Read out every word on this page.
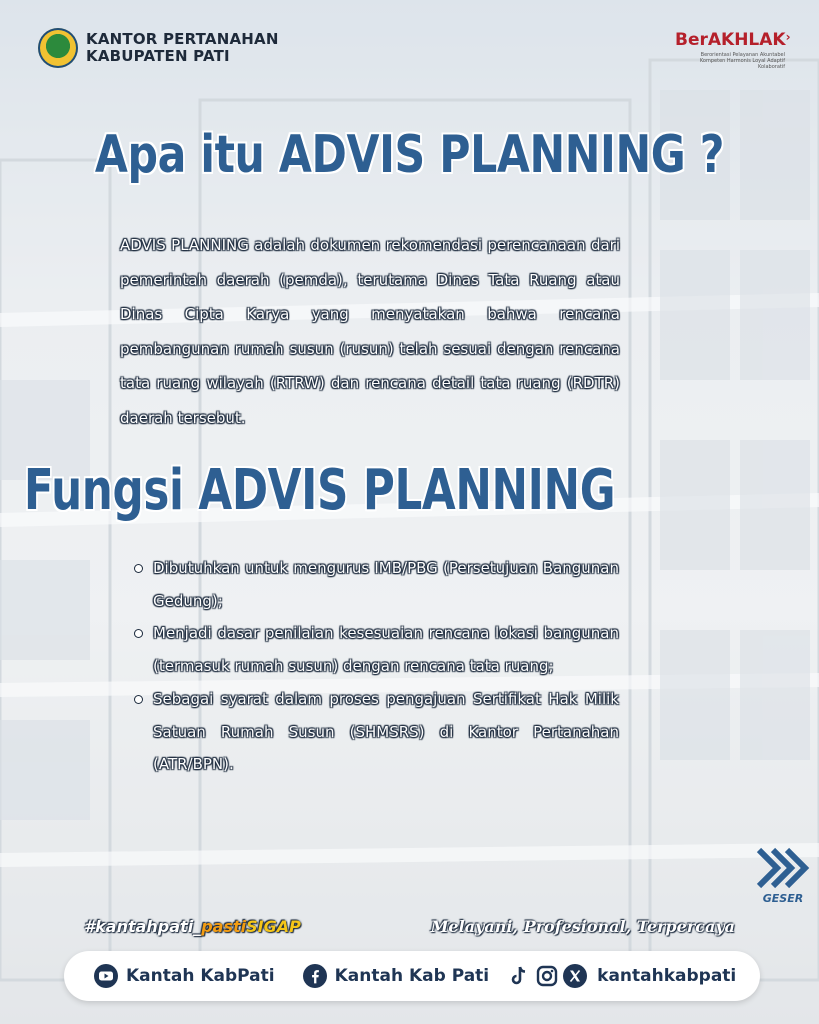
KANTOR PERTANAHAN
KABUPATEN PATI
BerAKHLAK›
Berorientasi Pelayanan Akuntabel Kompeten Harmonis Loyal Adaptif Kolaboratif
Apa itu ADVIS PLANNING ?
ADVIS PLANNING adalah dokumen rekomendasi perencanaan dari pemerintah daerah (pemda), terutama Dinas Tata Ruang atau Dinas Cipta Karya yang menyatakan bahwa rencana pembangunan rumah susun (rusun) telah sesuai dengan rencana tata ruang wilayah (RTRW) dan rencana detail tata ruang (RDTR) daerah tersebut.
Fungsi ADVIS PLANNING
Dibutuhkan untuk mengurus IMB/PBG (Persetujuan Bangunan Gedung);
Menjadi dasar penilaian kesesuaian rencana lokasi bangunan (termasuk rumah susun) dengan rencana tata ruang;
Sebagai syarat dalam proses pengajuan Sertifikat Hak Milik Satuan Rumah Susun (SHMSRS) di Kantor Pertanahan (ATR/BPN).
GESER
#kantahpati_pastiSIGAP	Melayani, Profesional, Terpercaya
Kantah KabPati	Kantah Kab Pati	kantahkabpati
